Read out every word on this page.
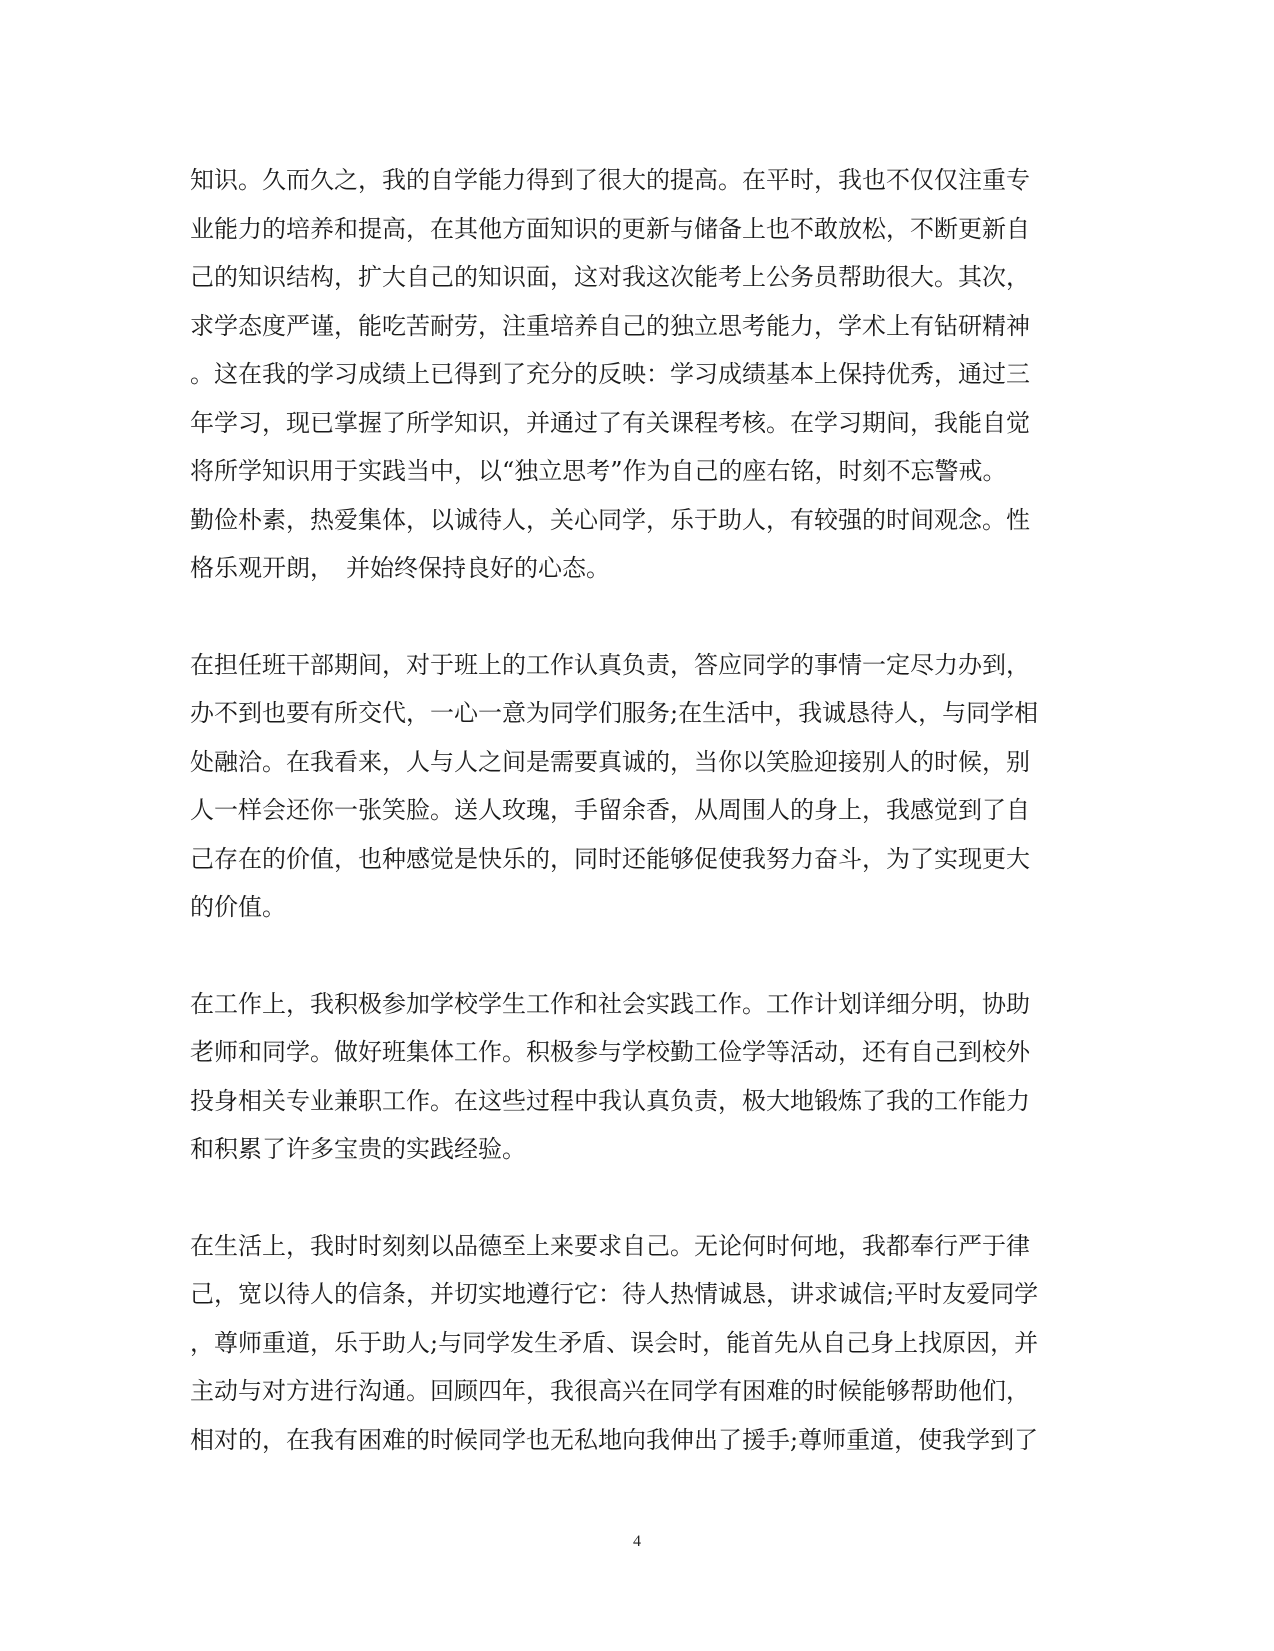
知识。久而久之，我的自学能力得到了很大的提高。在平时，我也不仅仅注重专
业能力的培养和提高，在其他方面知识的更新与储备上也不敢放松，不断更新自
己的知识结构，扩大自己的知识面，这对我这次能考上公务员帮助很大。其次，
求学态度严谨，能吃苦耐劳，注重培养自己的独立思考能力，学术上有钻研精神
。这在我的学习成绩上已得到了充分的反映：学习成绩基本上保持优秀，通过三
年学习，现已掌握了所学知识，并通过了有关课程考核。在学习期间，我能自觉
将所学知识用于实践当中，以“独立思考”作为自己的座右铭，时刻不忘警戒。
勤俭朴素，热爱集体，以诚待人，关心同学，乐于助人，有较强的时间观念。性
格乐观开朗，　并始终保持良好的心态。
在担任班干部期间，对于班上的工作认真负责，答应同学的事情一定尽力办到，
办不到也要有所交代，一心一意为同学们服务;在生活中，我诚恳待人，与同学相
处融洽。在我看来，人与人之间是需要真诚的，当你以笑脸迎接别人的时候，别
人一样会还你一张笑脸。送人玫瑰，手留余香，从周围人的身上，我感觉到了自
己存在的价值，也种感觉是快乐的，同时还能够促使我努力奋斗，为了实现更大
的价值。
在工作上，我积极参加学校学生工作和社会实践工作。工作计划详细分明，协助
老师和同学。做好班集体工作。积极参与学校勤工俭学等活动，还有自己到校外
投身相关专业兼职工作。在这些过程中我认真负责，极大地锻炼了我的工作能力
和积累了许多宝贵的实践经验。
在生活上，我时时刻刻以品德至上来要求自己。无论何时何地，我都奉行严于律
己，宽以待人的信条，并切实地遵行它：待人热情诚恳，讲求诚信;平时友爱同学
，尊师重道，乐于助人;与同学发生矛盾、误会时，能首先从自己身上找原因，并
主动与对方进行沟通。回顾四年，我很高兴在同学有困难的时候能够帮助他们，
相对的，在我有困难的时候同学也无私地向我伸出了援手;尊师重道，使我学到了
4
